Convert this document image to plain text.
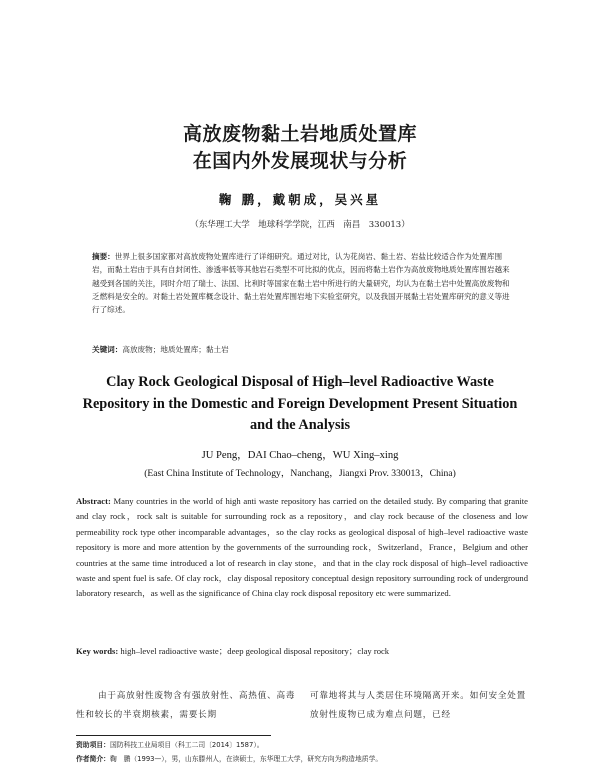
高放废物黏土岩地质处置库
在国内外发展现状与分析
鞠 鹏，戴朝成，吴兴星
（东华理工大学　地球科学学院，江西　南昌　330013）
摘要：世界上很多国家都对高放废物处置库进行了详细研究。通过对比，认为花岗岩、黏土岩、岩盐比较适合作为处置库围岩，而黏土岩由于具有自封闭性、渗透率低等其他岩石类型不可比拟的优点，因而将黏土岩作为高放废物地质处置库围岩越来越受到各国的关注，同时介绍了瑞士、法国、比利时等国家在黏土岩中所进行的大量研究，均认为在黏土岩中处置高放废物和乏燃料是安全的。对黏土岩处置库概念设计、黏土岩处置库围岩地下实验室研究，以及我国开展黏土岩处置库研究的意义等进行了综述。
关键词：高放废物；地质处置库；黏土岩
Clay Rock Geological Disposal of High–level Radioactive Waste
Repository in the Domestic and Foreign Development Present Situation
and the Analysis
JU Peng，DAI Chao–cheng，WU Xing–xing
(East China Institute of Technology，Nanchang，Jiangxi Prov. 330013，China)
Abstract: Many countries in the world of high anti waste repository has carried on the detailed study. By comparing that granite and clay rock，rock salt is suitable for surrounding rock as a repository，and clay rock because of the closeness and low permeability rock type other incomparable advantages，so the clay rocks as geological disposal of high–level radioactive waste repository is more and more attention by the governments of the surrounding rock，Switzerland，France，Belgium and other countries at the same time introduced a lot of research in clay stone，and that in the clay rock disposal of high–level radioactive waste and spent fuel is safe. Of clay rock，clay disposal repository conceptual design repository surrounding rock of underground laboratory research，as well as the significance of China clay rock disposal repository etc were summarized.
Key words: high–level radioactive waste；deep geological disposal repository；clay rock
由于高放射性废物含有强放射性、高热值、高毒性和较长的半衰期核素，需要长期
可靠地将其与人类居住环境隔离开来。如何安全处置放射性废物已成为难点问题，已经
资助项目：国防科技工业局项目（科工二司〔2014〕1587）。
作者简介：鞠　鹏（1993—），男，山东滕州人，在读硕士，东华理工大学，研究方向为构造地质学。
